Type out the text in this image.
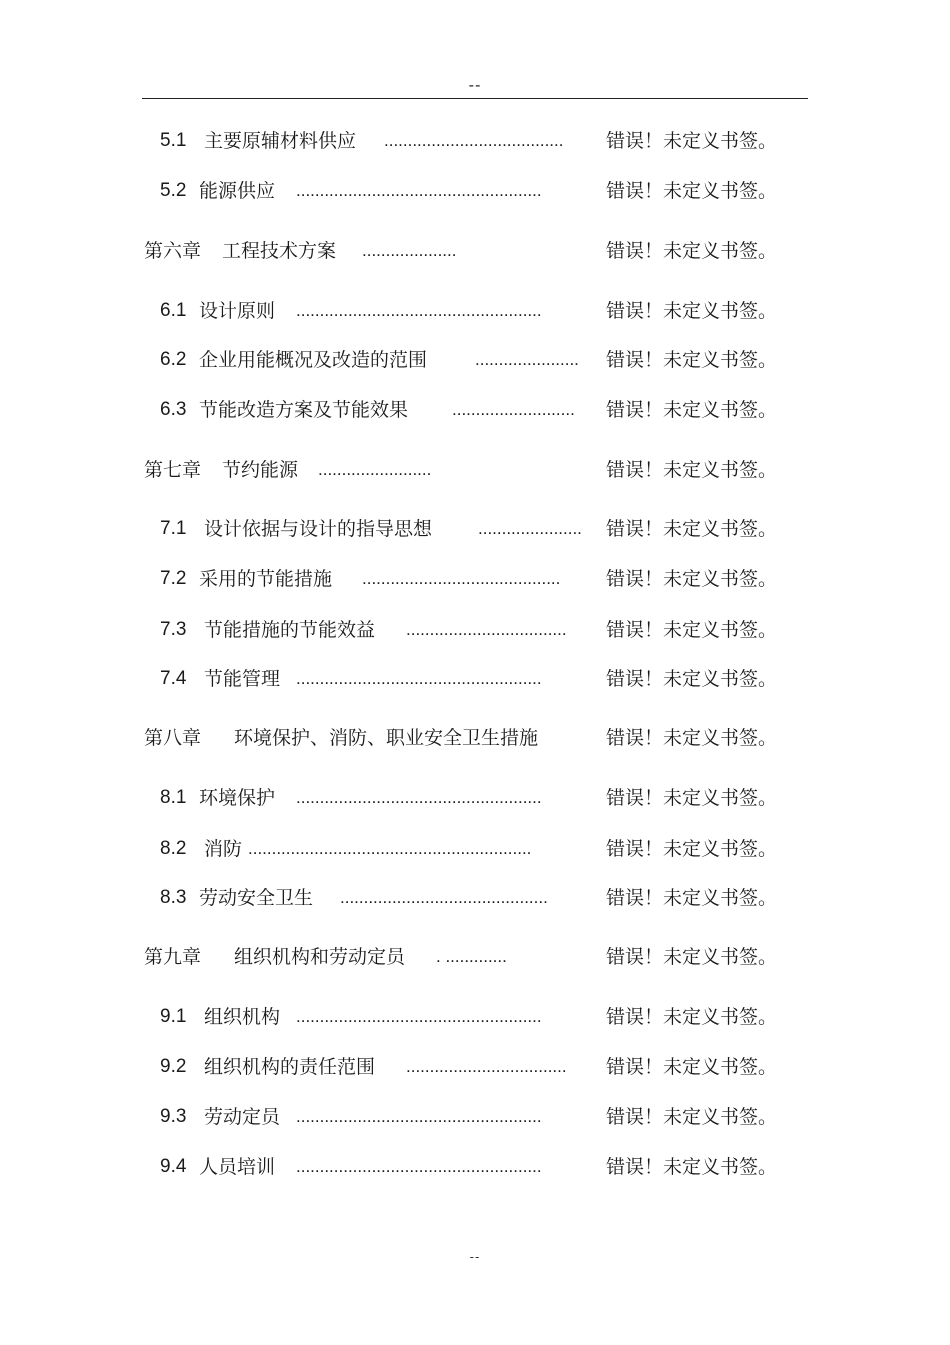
--
5.1 主要原辅材料供应 ......................................	错误！未定义书签。
5.2 能源供应 ....................................................	错误！未定义书签。
第六章 工程技术方案 ....................	错误！未定义书签。
6.1 设计原则 ....................................................	错误！未定义书签。
6.2 企业用能概况及改造的范围	......................	错误！未定义书签。
6.3 节能改造方案及节能效果	..........................	错误！未定义书签。
第七章 节约能源 ........................	错误！未定义书签。
7.1 设计依据与设计的指导思想	......................	错误！未定义书签。
7.2 采用的节能措施 ..........................................	错误！未定义书签。
7.3 节能措施的节能效益 ..................................	错误！未定义书签。
7.4 节能管理 ....................................................	错误！未定义书签。
第八章 环境保护、消防、职业安全卫生措施	错误！未定义书签。
8.1 环境保护 ....................................................	错误！未定义书签。
8.2 消防 ............................................................	错误！未定义书签。
8.3 劳动安全卫生 ............................................	错误！未定义书签。
第九章 组织机构和劳动定员 . .............	错误！未定义书签。
9.1 组织机构 ....................................................	错误！未定义书签。
9.2 组织机构的责任范围 ..................................	错误！未定义书签。
9.3 劳动定员 ....................................................	错误！未定义书签。
9.4 人员培训 ....................................................	错误！未定义书签。
--
